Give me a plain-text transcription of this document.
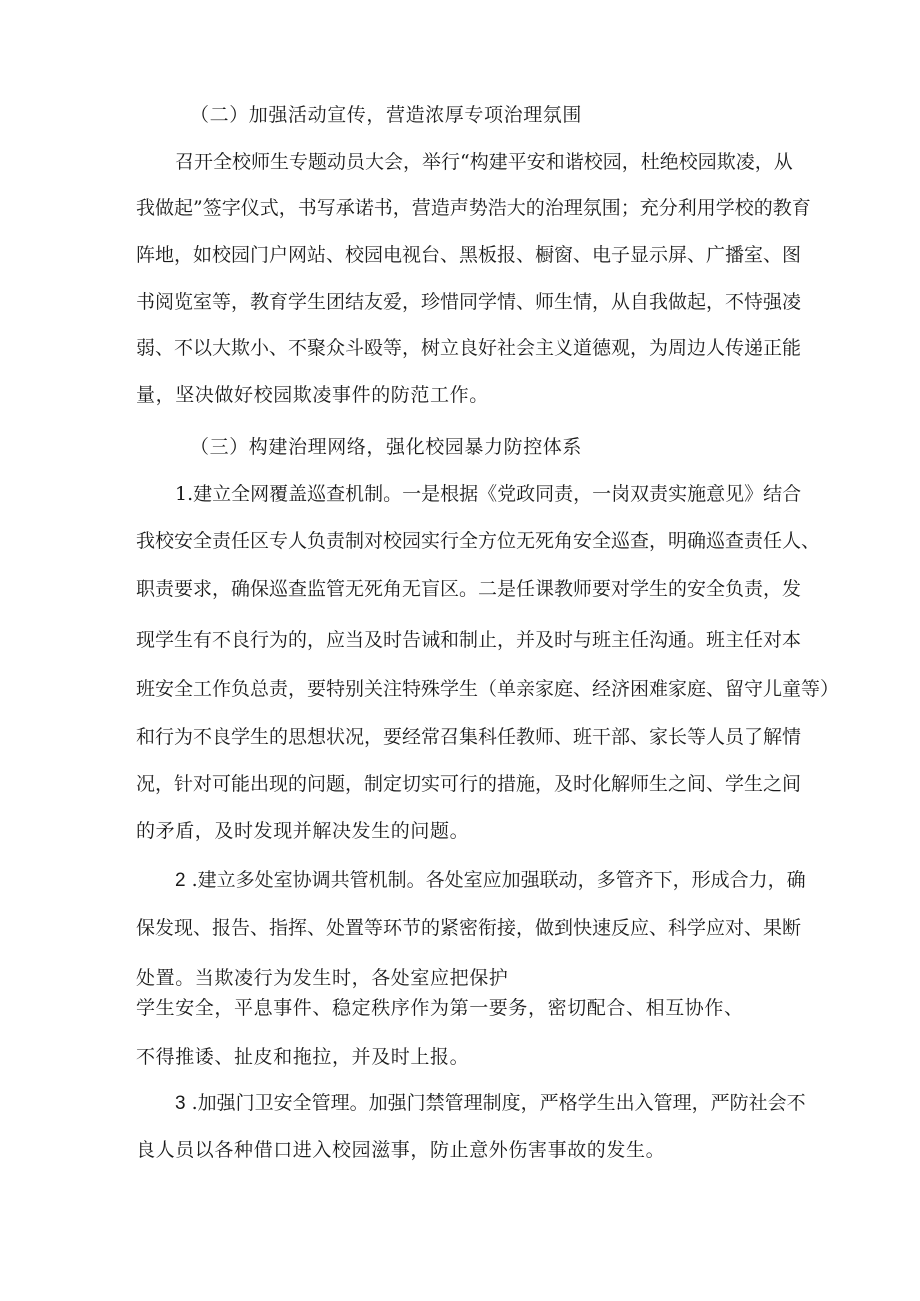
（二）加强活动宣传，营造浓厚专项治理氛围
召开全校师生专题动员大会，举行“构建平安和谐校园，杜绝校园欺凌，从
我做起”签字仪式，书写承诺书，营造声势浩大的治理氛围；充分利用学校的教育
阵地，如校园门户网站、校园电视台、黑板报、橱窗、电子显示屏、广播室、图
书阅览室等，教育学生团结友爱，珍惜同学情、师生情，从自我做起，不恃强凌
弱、不以大欺小、不聚众斗殴等，树立良好社会主义道德观，为周边人传递正能
量，坚决做好校园欺凌事件的防范工作。
（三）构建治理网络，强化校园暴力防控体系
1.建立全网覆盖巡查机制。一是根据《党政同责，一岗双责实施意见》结合
我校安全责任区专人负责制对校园实行全方位无死角安全巡查，明确巡查责任人、
职责要求，确保巡查监管无死角无盲区。二是任课教师要对学生的安全负责，发
现学生有不良行为的，应当及时告诫和制止，并及时与班主任沟通。班主任对本
班安全工作负总责，要特别关注特殊学生（单亲家庭、经济困难家庭、留守儿童等）
和行为不良学生的思想状况，要经常召集科任教师、班干部、家长等人员了解情
况，针对可能出现的问题，制定切实可行的措施，及时化解师生之间、学生之间
的矛盾，及时发现并解决发生的问题。
2 .建立多处室协调共管机制。各处室应加强联动，多管齐下，形成合力，确
保发现、报告、指挥、处置等环节的紧密衔接，做到快速反应、科学应对、果断
处置。当欺凌行为发生时，各处室应把保护
学生安全，平息事件、稳定秩序作为第一要务，密切配合、相互协作、
不得推诿、扯皮和拖拉，并及时上报。
3 .加强门卫安全管理。加强门禁管理制度，严格学生出入管理，严防社会不
良人员以各种借口进入校园滋事，防止意外伤害事故的发生。
